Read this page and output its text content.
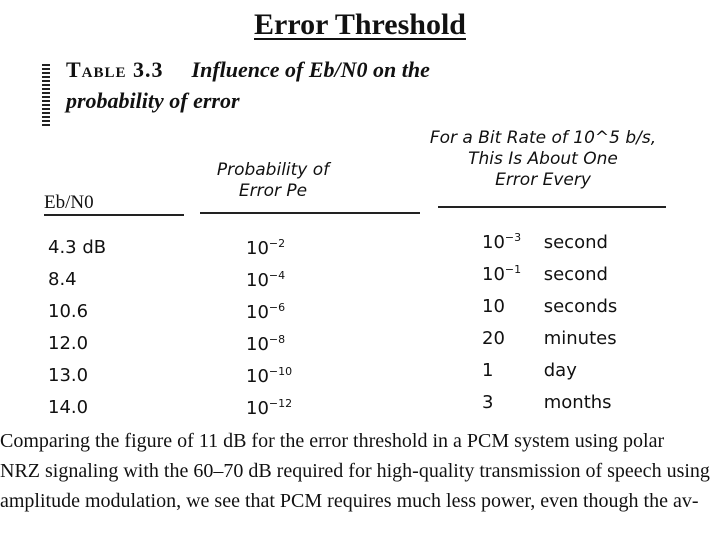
Error Threshold
Table 3.3 Influence of Eb/N0 on the
probability of error
Eb/N0
Probability of
Error Pe
For a Bit Rate of 10^5 b/s,
This Is About One
Error Every
4.3 dB
8.4
10.6
12.0
13.0
14.0
$10^{-2}$
$10^{-4}$
$10^{-6}$
$10^{-8}$
$10^{-10}$
$10^{-12}$
$10^{-3}$ second
$10^{-1}$ second
10 seconds
20 minutes
1	day
3	months
Comparing the figure of 11 dB for the error threshold in a PCM system using polar
NRZ signaling with the 60–70 dB required for high-quality transmission of speech using
amplitude modulation, we see that PCM requires much less power, even though the av-
